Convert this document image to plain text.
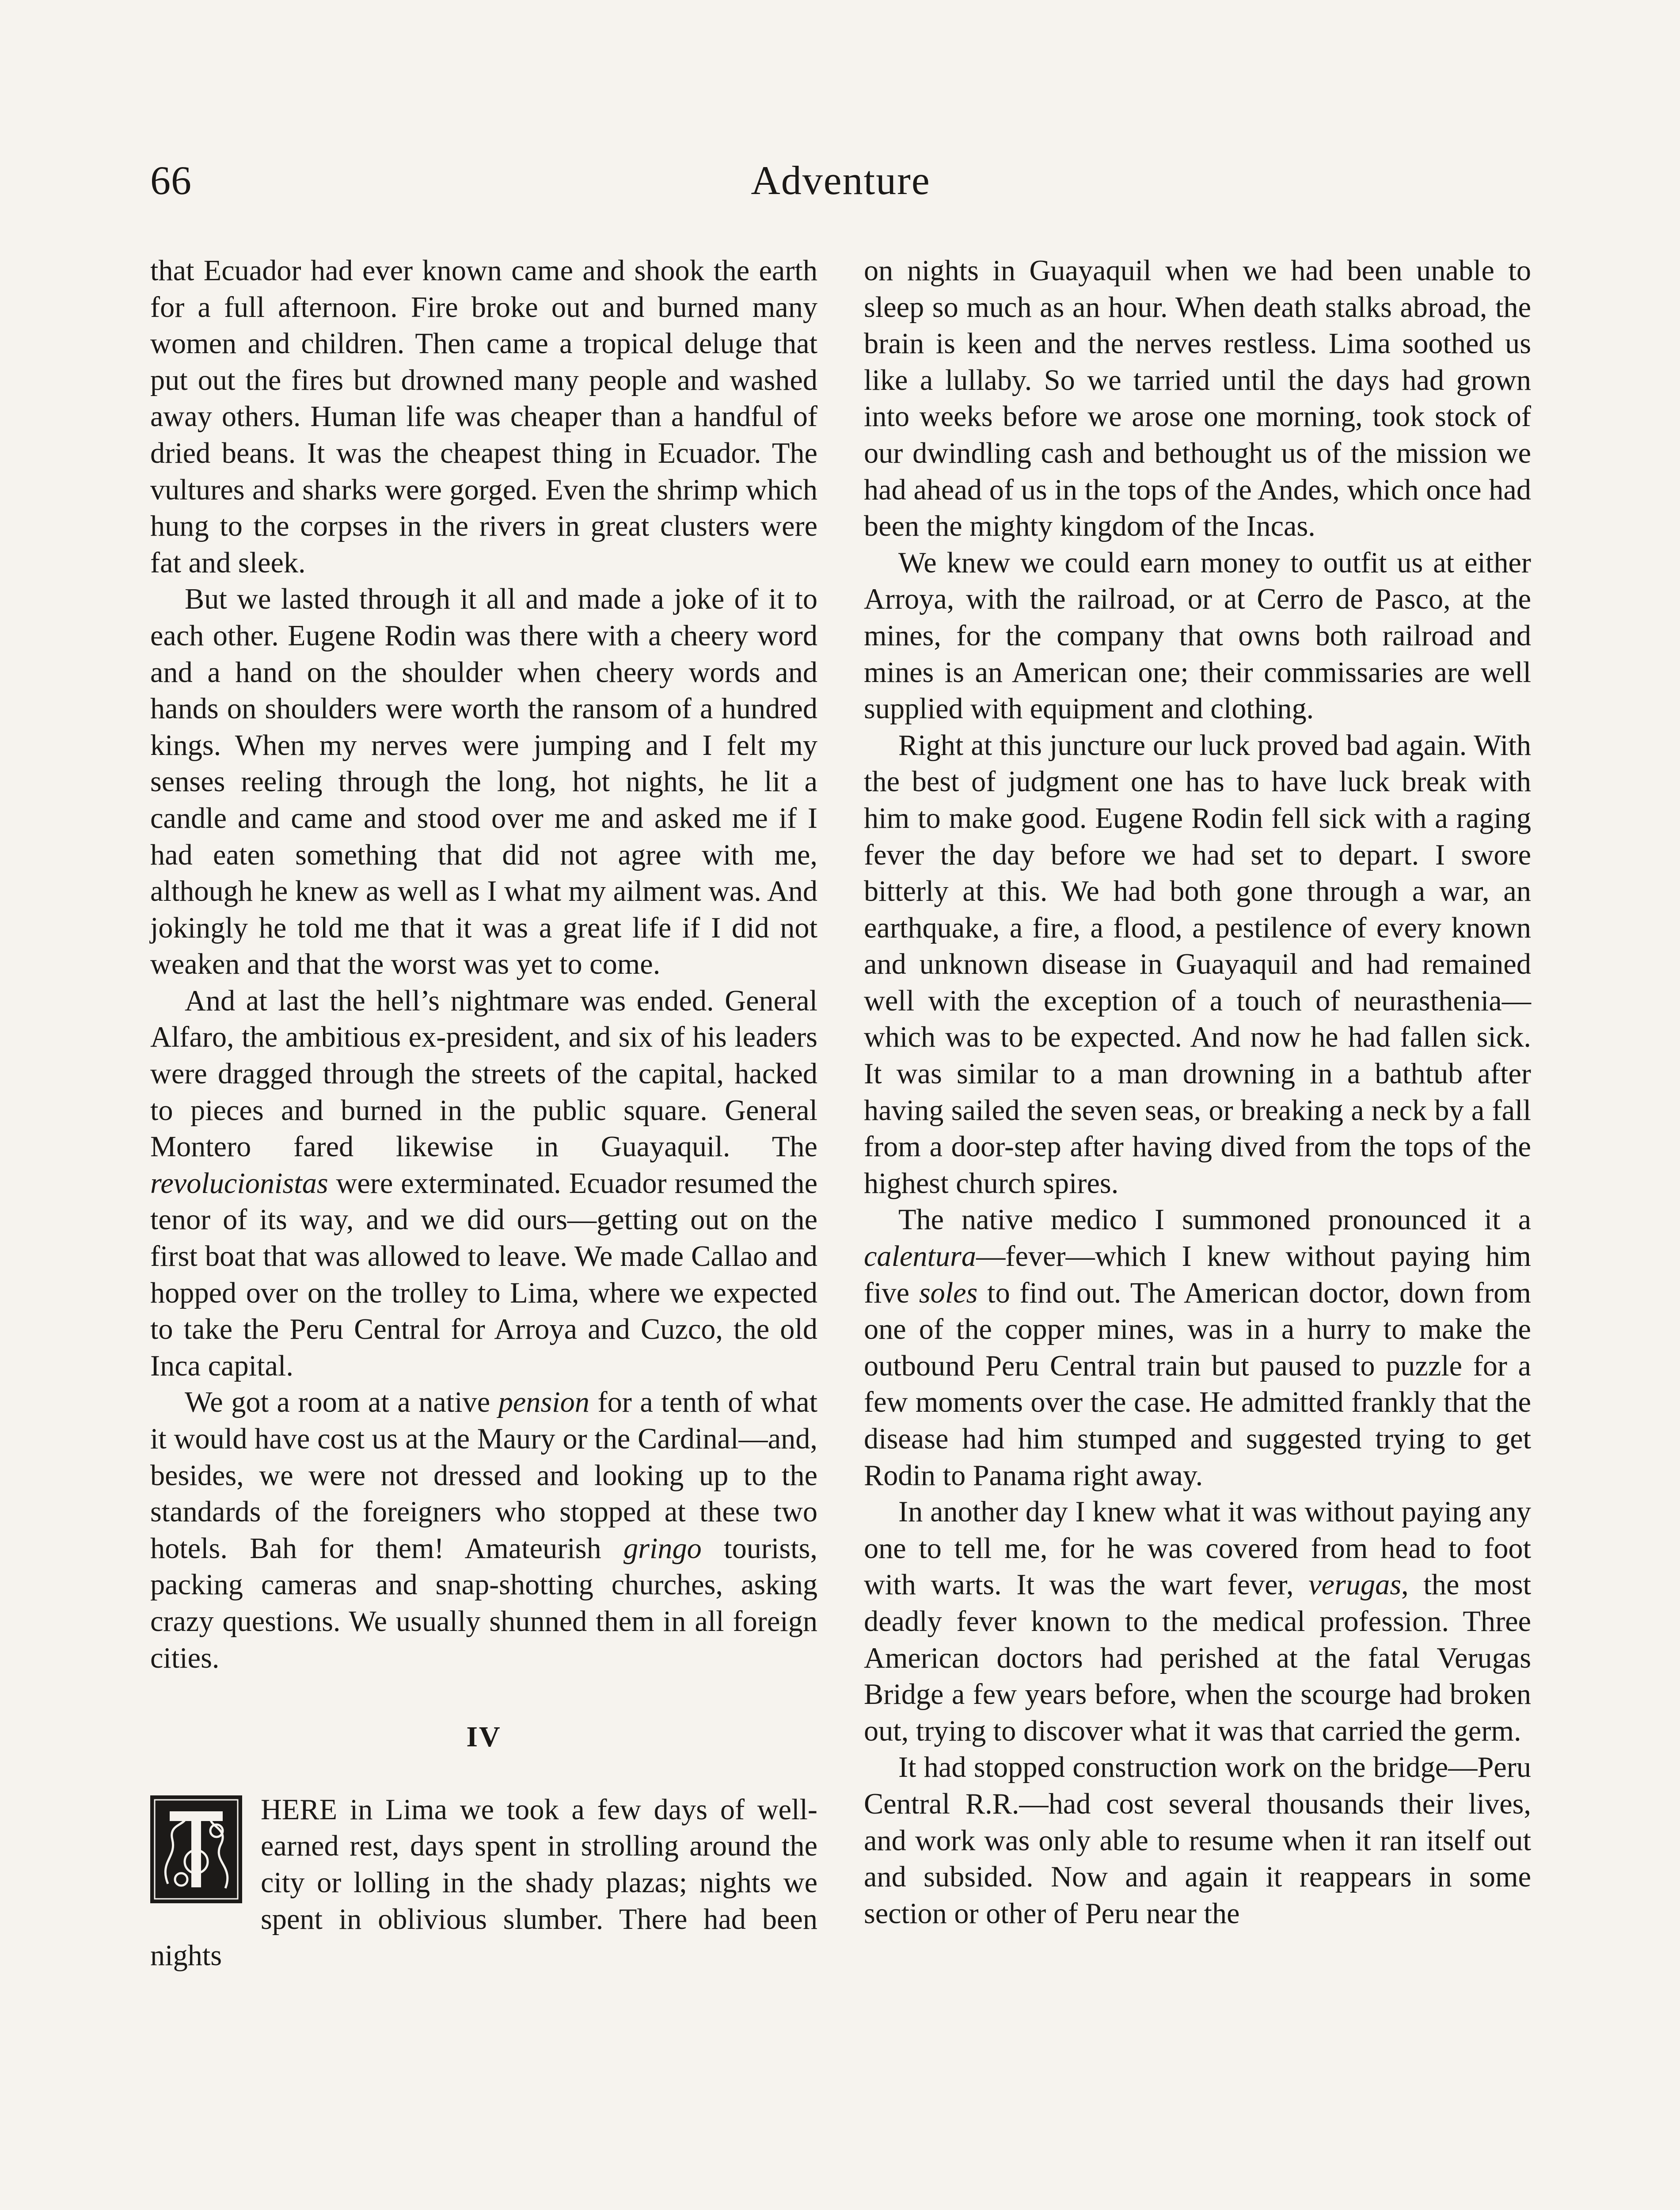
66	Adventure

that Ecuador had ever known came and shook the earth for a full afternoon. Fire broke out and burned many women and children. Then came a tropical deluge that put out the fires but drowned many people and washed away others. Human life was cheaper than a handful of dried beans. It was the cheapest thing in Ecuador. The vultures and sharks were gorged. Even the shrimp which hung to the corpses in the rivers in great clusters were fat and sleek.

But we lasted through it all and made a joke of it to each other. Eugene Rodin was there with a cheery word and a hand on the shoulder when cheery words and hands on shoulders were worth the ransom of a hundred kings. When my nerves were jumping and I felt my senses reeling through the long, hot nights, he lit a candle and came and stood over me and asked me if I had eaten something that did not agree with me, although he knew as well as I what my ailment was. And jokingly he told me that it was a great life if I did not weaken and that the worst was yet to come.

And at last the hell’s nightmare was ended. General Alfaro, the ambitious ex-president, and six of his leaders were dragged through the streets of the capital, hacked to pieces and burned in the public square. General Montero fared likewise in Guayaquil. The revolucionistas were exterminated. Ecuador resumed the tenor of its way, and we did ours—getting out on the first boat that was allowed to leave. We made Callao and hopped over on the trolley to Lima, where we expected to take the Peru Central for Arroya and Cuzco, the old Inca capital.

We got a room at a native pension for a tenth of what it would have cost us at the Maury or the Cardinal—and, besides, we were not dressed and looking up to the standards of the foreigners who stopped at these two hotels. Bah for them! Amateurish gringo tourists, packing cameras and snap-shotting churches, asking crazy questions. We usually shunned them in all foreign cities.

IV

HERE in Lima we took a few days of well-earned rest, days spent in strolling around the city or lolling in the shady plazas; nights we spent in oblivious slumber. There had been nights

on nights in Guayaquil when we had been unable to sleep so much as an hour. When death stalks abroad, the brain is keen and the nerves restless. Lima soothed us like a lullaby. So we tarried until the days had grown into weeks before we arose one morning, took stock of our dwindling cash and bethought us of the mission we had ahead of us in the tops of the Andes, which once had been the mighty kingdom of the Incas.

We knew we could earn money to outfit us at either Arroya, with the railroad, or at Cerro de Pasco, at the mines, for the company that owns both railroad and mines is an American one; their commissaries are well supplied with equipment and clothing.

Right at this juncture our luck proved bad again. With the best of judgment one has to have luck break with him to make good. Eugene Rodin fell sick with a raging fever the day before we had set to depart. I swore bitterly at this. We had both gone through a war, an earthquake, a fire, a flood, a pestilence of every known and unknown disease in Guayaquil and had remained well with the exception of a touch of neurasthenia—which was to be expected. And now he had fallen sick. It was similar to a man drowning in a bathtub after having sailed the seven seas, or breaking a neck by a fall from a door-step after having dived from the tops of the highest church spires.

The native medico I summoned pronounced it a calentura—fever—which I knew without paying him five soles to find out. The American doctor, down from one of the copper mines, was in a hurry to make the outbound Peru Central train but paused to puzzle for a few moments over the case. He admitted frankly that the disease had him stumped and suggested trying to get Rodin to Panama right away.

In another day I knew what it was without paying any one to tell me, for he was covered from head to foot with warts. It was the wart fever, verugas, the most deadly fever known to the medical profession. Three American doctors had perished at the fatal Verugas Bridge a few years before, when the scourge had broken out, trying to discover what it was that carried the germ.

It had stopped construction work on the bridge—Peru Central R.R.—had cost several thousands their lives, and work was only able to resume when it ran itself out and subsided. Now and again it reappears in some section or other of Peru near the
